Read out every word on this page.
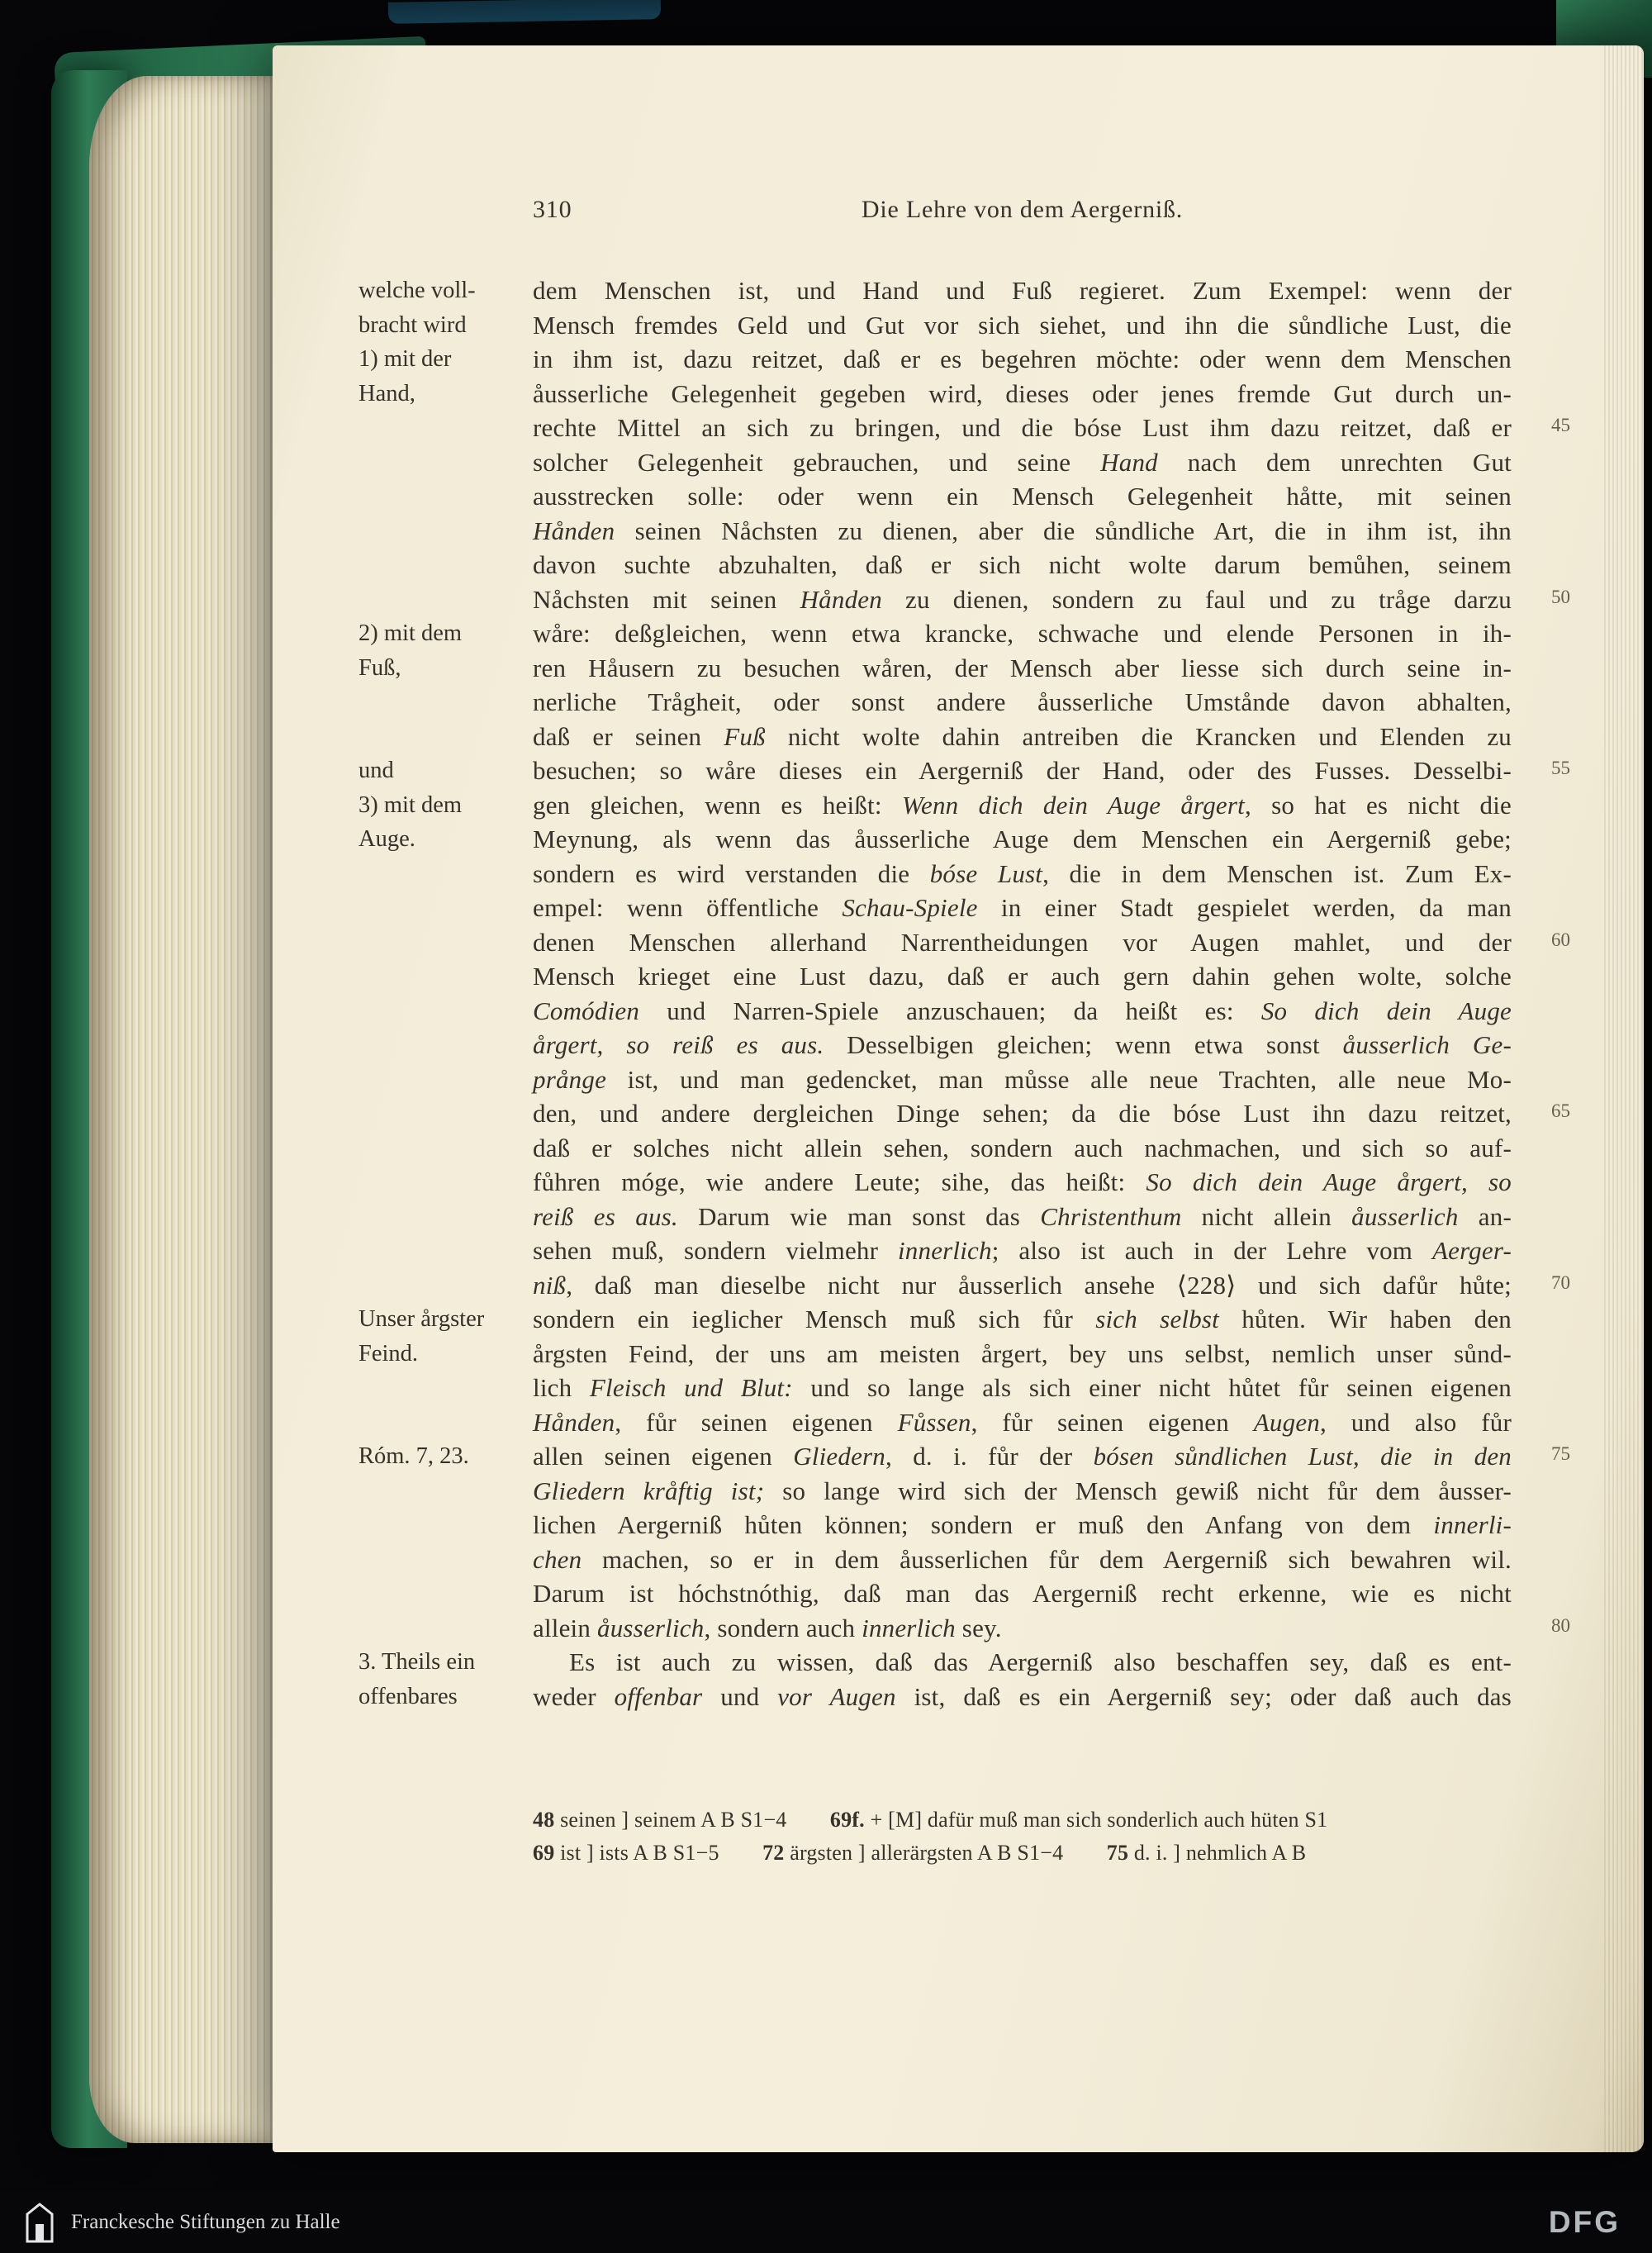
310	Die Lehre von dem Aergerniß.
welche voll-
bracht wird
1) mit der
Hand,
2) mit dem
Fuß,
und
3) mit dem
Auge.
Unser årgster
Feind.
Róm. 7, 23.
3. Theils ein
offenbares
dem Menschen ist, und Hand und Fuß regieret. Zum Exempel: wenn der
Mensch fremdes Geld und Gut vor sich siehet, und ihn die sůndliche Lust, die
in ihm ist, dazu reitzet, daß er es begehren möchte: oder wenn dem Menschen
åusserliche Gelegenheit gegeben wird, dieses oder jenes fremde Gut durch un-
rechte Mittel an sich zu bringen, und die bóse Lust ihm dazu reitzet, daß er
solcher Gelegenheit gebrauchen, und seine Hand nach dem unrechten Gut
ausstrecken solle: oder wenn ein Mensch Gelegenheit håtte, mit seinen
Hånden seinen Nåchsten zu dienen, aber die sůndliche Art, die in ihm ist, ihn
davon suchte abzuhalten, daß er sich nicht wolte darum bemůhen, seinem
Nåchsten mit seinen Hånden zu dienen, sondern zu faul und zu tråge darzu
wåre: deßgleichen, wenn etwa krancke, schwache und elende Personen in ih-
ren Håusern zu besuchen wåren, der Mensch aber liesse sich durch seine in-
nerliche Trågheit, oder sonst andere åusserliche Umstånde davon abhalten,
daß er seinen Fuß nicht wolte dahin antreiben die Krancken und Elenden zu
besuchen; so wåre dieses ein Aergerniß der Hand, oder des Fusses. Desselbi-
gen gleichen, wenn es heißt: Wenn dich dein Auge årgert, so hat es nicht die
Meynung, als wenn das åusserliche Auge dem Menschen ein Aergerniß gebe;
sondern es wird verstanden die bóse Lust, die in dem Menschen ist. Zum Ex-
empel: wenn öffentliche Schau-Spiele in einer Stadt gespielet werden, da man
denen Menschen allerhand Narrentheidungen vor Augen mahlet, und der
Mensch krieget eine Lust dazu, daß er auch gern dahin gehen wolte, solche
Comódien und Narren-Spiele anzuschauen; da heißt es: So dich dein Auge
årgert, so reiß es aus. Desselbigen gleichen; wenn etwa sonst åusserlich Ge-
prånge ist, und man gedencket, man můsse alle neue Trachten, alle neue Mo-
den, und andere dergleichen Dinge sehen; da die bóse Lust ihn dazu reitzet,
daß er solches nicht allein sehen, sondern auch nachmachen, und sich so auf-
fůhren móge, wie andere Leute; sihe, das heißt: So dich dein Auge årgert, so
reiß es aus. Darum wie man sonst das Christenthum nicht allein åusserlich an-
sehen muß, sondern vielmehr innerlich; also ist auch in der Lehre vom Aerger-
niß, daß man dieselbe nicht nur åusserlich ansehe ⟨228⟩ und sich dafůr hůte;
sondern ein ieglicher Mensch muß sich fůr sich selbst hůten. Wir haben den
årgsten Feind, der uns am meisten årgert, bey uns selbst, nemlich unser sůnd-
lich Fleisch und Blut: und so lange als sich einer nicht hůtet fůr seinen eigenen
Hånden, fůr seinen eigenen Fůssen, fůr seinen eigenen Augen, und also fůr
allen seinen eigenen Gliedern, d. i. fůr der bósen sůndlichen Lust, die in den
Gliedern kråftig ist; so lange wird sich der Mensch gewiß nicht fůr dem åusser-
lichen Aergerniß hůten können; sondern er muß den Anfang von dem innerli-
chen machen, so er in dem åusserlichen fůr dem Aergerniß sich bewahren wil.
Darum ist hóchstnóthig, daß man das Aergerniß recht erkenne, wie es nicht
allein åusserlich, sondern auch innerlich sey.
Es ist auch zu wissen, daß das Aergerniß also beschaffen sey, daß es ent-
weder offenbar und vor Augen ist, daß es ein Aergerniß sey; oder daß auch das
45
50
55
60
65
70
75
80
48 seinen ] seinem A B S1−4  69f. + [M] dafür muß man sich sonderlich auch hüten S1
69 ist ] ists A B S1−5  72 ärgsten ] allerärgsten A B S1−4  75 d. i. ] nehmlich A B
Franckesche Stiftungen zu Halle	DFG
